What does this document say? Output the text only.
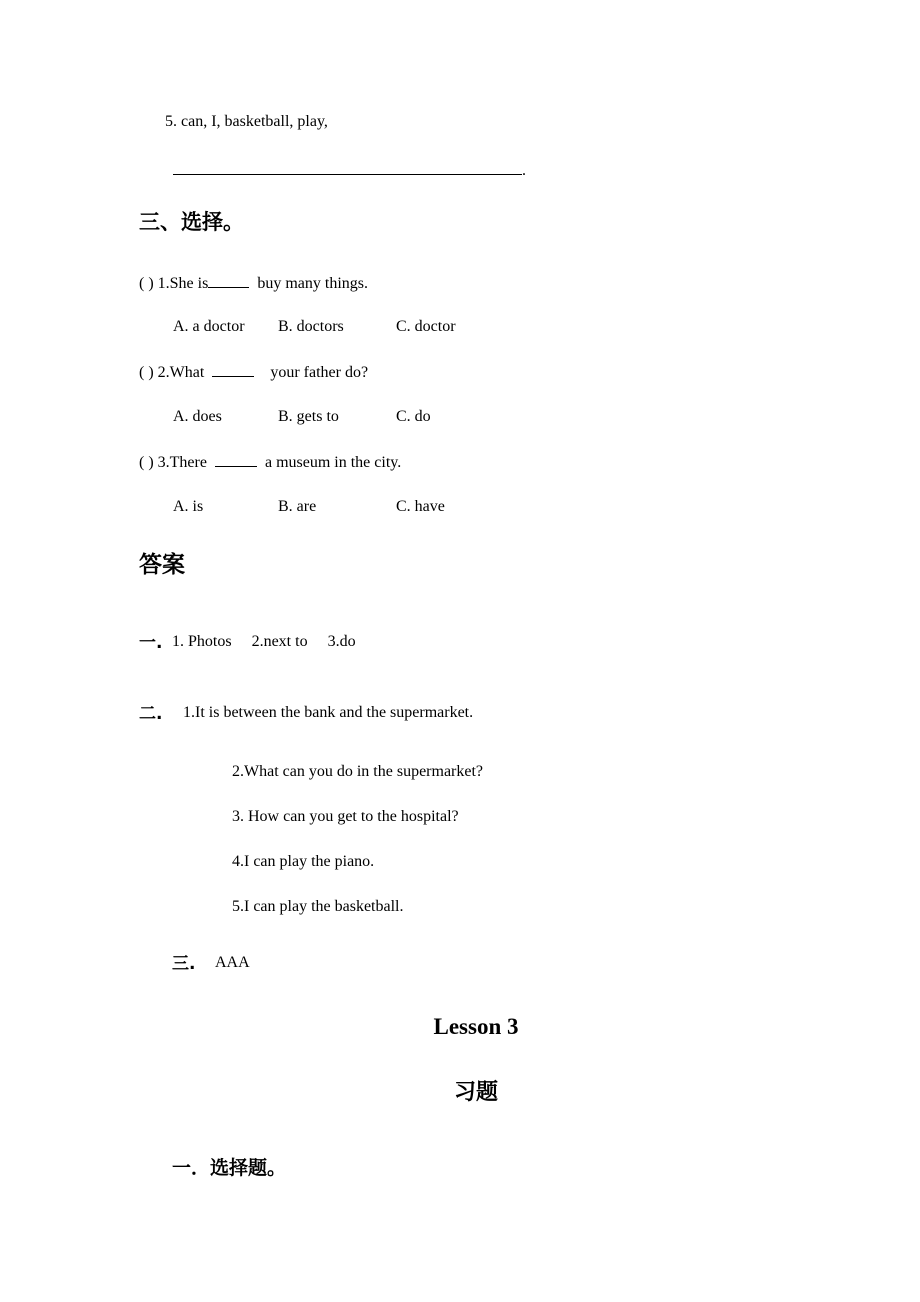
5. can, I, basketball, play,
.
三、选择。
( ) 1.She is	buy many things.
A. a doctor B. doctors	C. doctor
( ) 2.What	your father do?
A. does	B. gets to	C. do
( ) 3.There	a museum in the city.
A. is	B. are	C. have
答案
一. 1. Photos 2.next to 3.do
二. 1.It is between the bank and the supermarket.
2.What can you do in the supermarket?
3. How can you get to the hospital?
4.I can play the piano.
5.I can play the basketball.
三. AAA
Lesson 3
习题
一．选择题。
